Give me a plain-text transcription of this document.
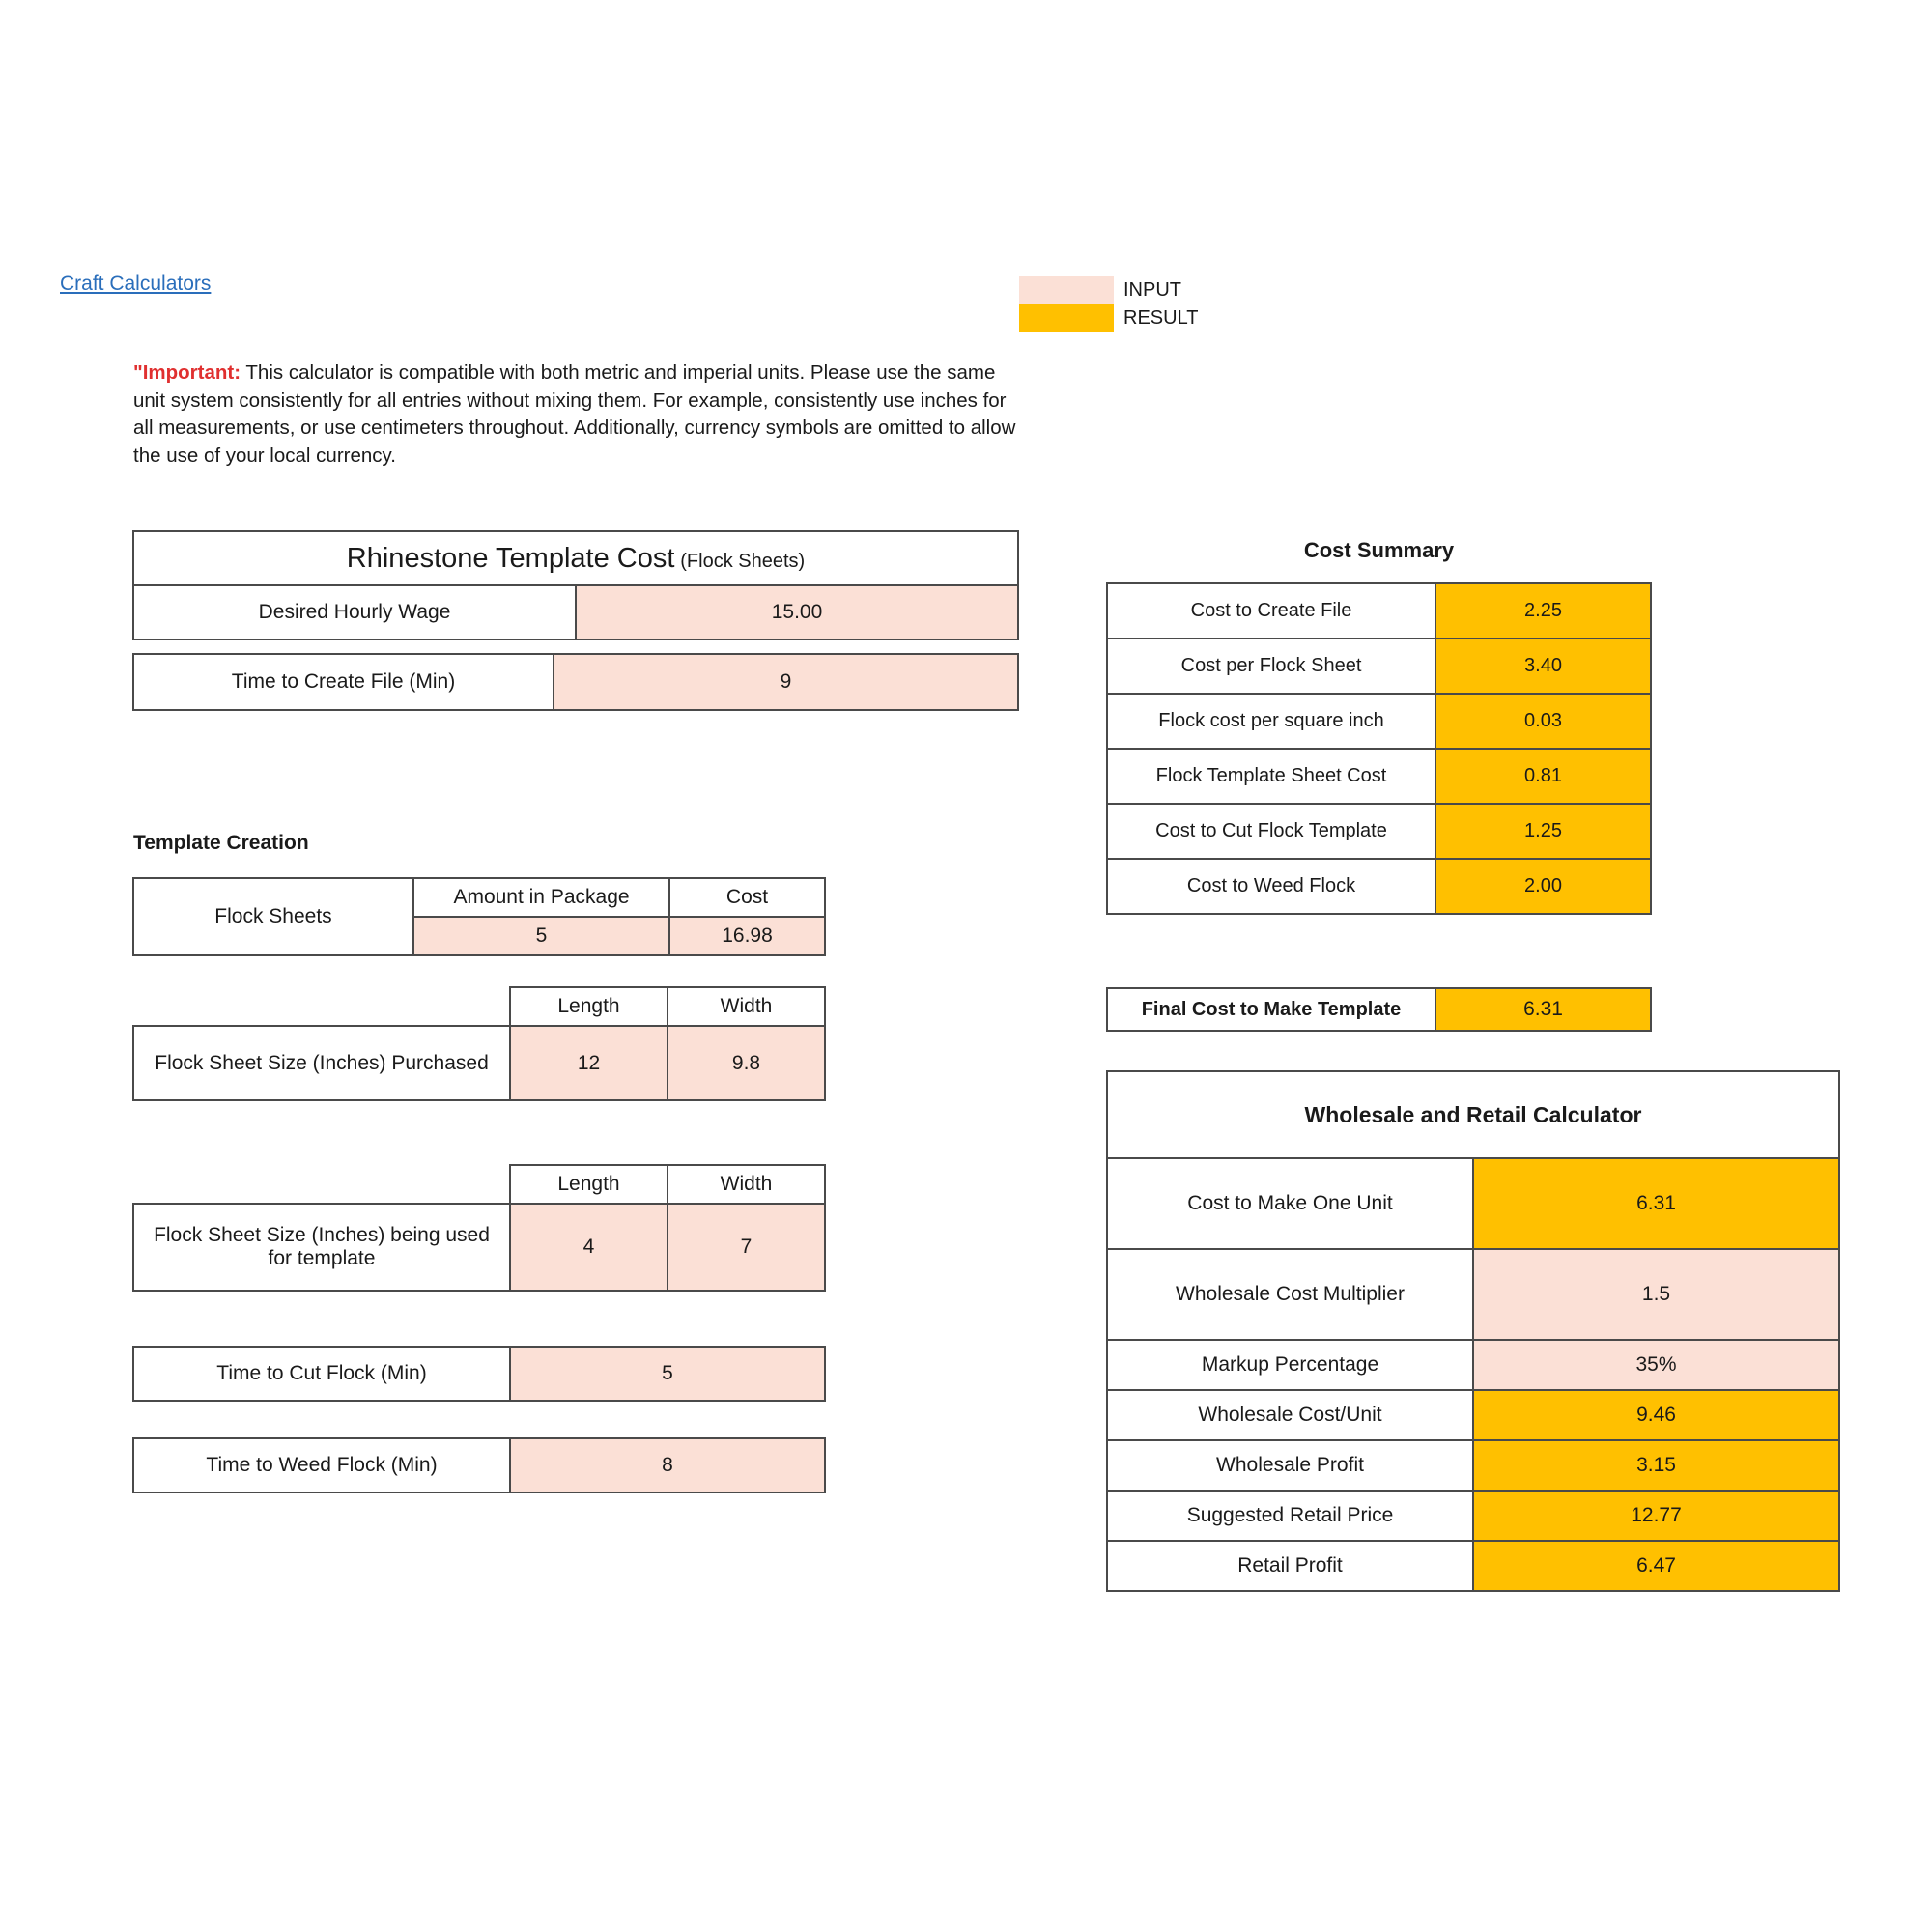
Craft Calculators	INPUT
RESULT

"Important: This calculator is compatible with both metric and imperial units. Please use the same unit system consistently for all entries without mixing them. For example, consistently use inches for all measurements, or use centimeters throughout. Additionally, currency symbols are omitted to allow the use of your local currency.

Rhinestone Template Cost (Flock Sheets)
Desired Hourly Wage	15.00
Time to Create File (Min)	9
Template Creation
Flock Sheets	Amount in Package	Cost
	5	16.98
	Length	Width
Flock Sheet Size (Inches) Purchased	12	9.8
	Length	Width
Flock Sheet Size (Inches) being used for template	4	7
Time to Cut Flock (Min)	5
Time to Weed Flock (Min)	8
Cost Summary
Cost to Create File	2.25
Cost per Flock Sheet	3.40
Flock cost per square inch	0.03
Flock Template Sheet Cost	0.81
Cost to Cut Flock Template	1.25
Cost to Weed Flock	2.00
Final Cost to Make Template	6.31
Wholesale and Retail Calculator	
Cost to Make One Unit	6.31
Wholesale Cost Multiplier	1.5
Markup Percentage	35%
Wholesale Cost/Unit	9.46
Wholesale Profit	3.15
Suggested Retail Price	12.77
Retail Profit	6.47
